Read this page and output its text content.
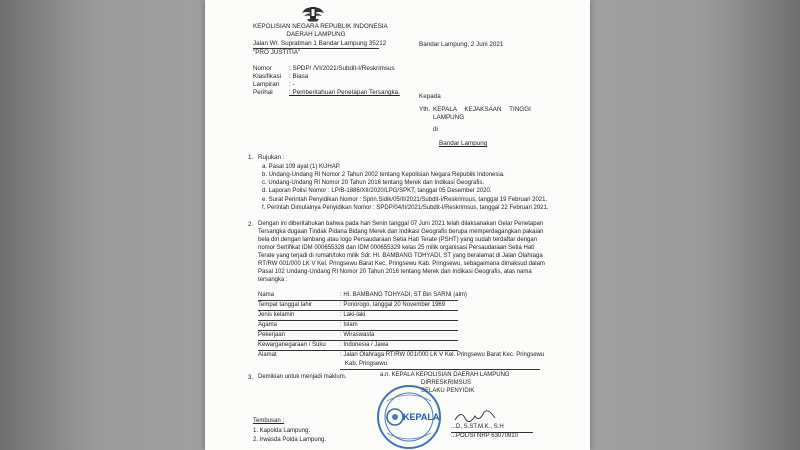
KEPOLISIAN NEGARA REPUBLIK INDONESIA
DAERAH LAMPUNG
Jalan Wr. Supratman 1 Bandar Lampung 35212
"PRO JUSTITIA"
Bandar Lampung, 2 Juni 2021
Nomor	: SPDP/ /VI/2021/Subdit-I/Reskrimsus
Klasifikasi : Biasa
Lampiran : -
Perihal	: Pemberitahuan Penetapan Tersangka.
Kepada
Yth. KEPALA KEJAKSAAN TINGGI
LAMPUNG
di
Bandar Lampung
1. Rujukan :
a. Pasal 109 ayat (1) KUHAP.
b. Undang-Undang RI Nomor 2 Tahun 2002 tentang Kepolisian Negara Republik Indonesia.
c. Undang-Undang RI Nomor 20 Tahun 2016 tentang Merek dan Indikasi Geografis.
d. Laporan Polisi Nomor : LP/B-1886/XII/2020/LPG/SPKT, tanggal 05 Desember 2020.
e. Surat Perintah Penyidikan Nomor : Sprin.Sidik/05/II/2021/Subdit-I/Reskrimsus, tanggal 19 Februari 2021.
f. Perintah Dimulainya Penyidikan Nomor : SPDP/04/II/2021/Subdit-I/Reskrimsus, tanggal 22 Februari 2021.
2. Dengan ini diberitahukan bahwa pada hari Senin tanggal 07 Juni 2021 telah dilaksanakan Gelar Penetapan
Tersangka dugaan Tindak Pidana Bidang Merek dan Indikasi Geografis berupa memperdagangkan pakaian
bela diri dengan lambang atau logo Persaudaraan Setia Hati Terate (PSHT) yang sudah terdaftar dengan
nomor Sertifikat IDM 000655328 dan IDM 000655329 kelas 25 milik organisasi Persaudaraan Setia Hati
Terate yang terjadi di rumah/toko milik Sdr. HI. BAMBANG TOHYADI, ST yang beralamat di Jalan Olahraga
RT/RW 001/000 LK V Kel. Pringsewu Barat Kec. Pringsewu Kab. Pringsewu, sebagaimana dimaksud dalam
Pasal 102 Undang-Undang RI Nomor 20 Tahun 2016 tentang Merek dan Indikasi Geografis, atas nama
tersangka :
Nama	: HI. BAMBANG TOHYADI, ST Bin SARNI (alm)
Tempat tanggal lahir	: Ponorogo, tanggal 20 November 1969
Jenis kelamin	: Laki-laki
Agama	: Islam
Pekerjaan	: Wiraswasta
Kewarganegaraan / Suku : Indonesia / Jawa
Alamat	: Jalan Olahraga RT/RW 001/000 LK V Kel. Pringsewu Barat Kec. Pringsewu
Kab. Pringsewu
3. Demikian untuk menjadi maklum.	a.n. KEPALA KEPOLISIAN DAERAH LAMPUNG
DIRRESKRIMSUS
SELAKU PENYIDIK
KEPALA
...D, S.ST.M.K., S.H
...POLISI NRP 63070910
Tembusan :
1. Kapolda Lampung.
2. Irwasda Polda Lampung.
